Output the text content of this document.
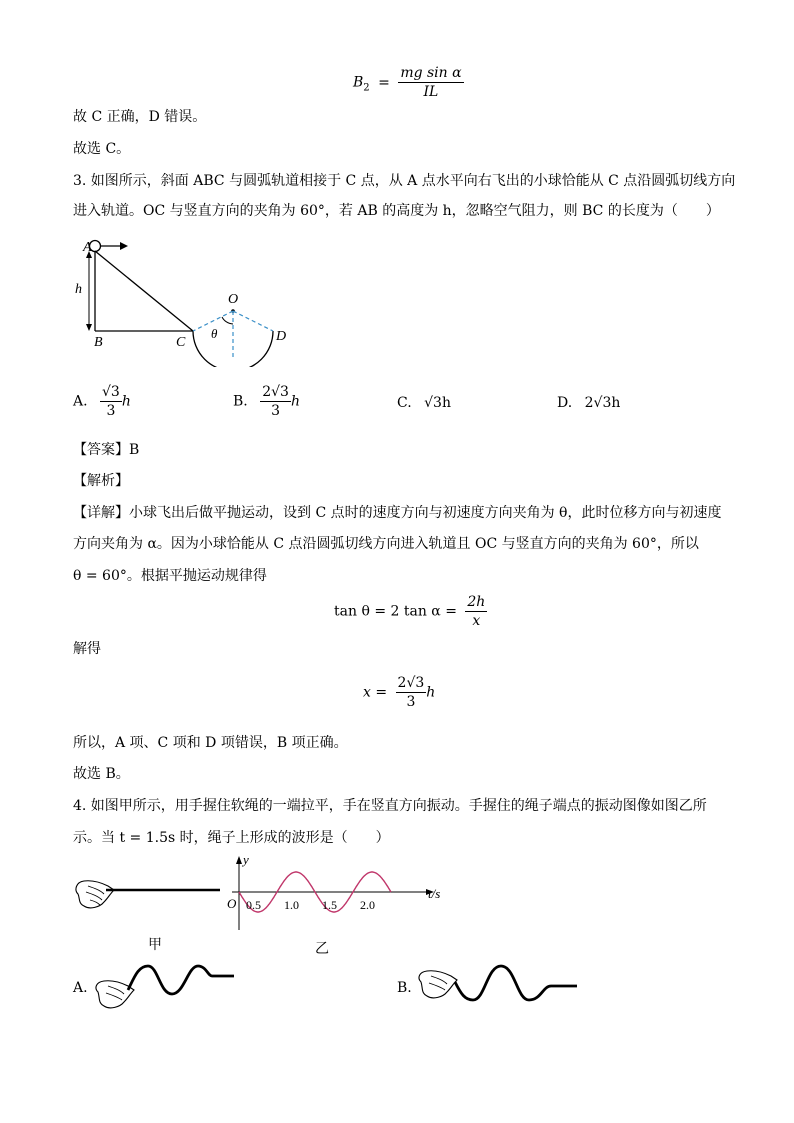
$B_2 = \frac{\text{mg sin α}}{IL}$
故 C 正确，D 错误。
故选 C。
3. 如图所示，斜面 ABC 与圆弧轨道相接于 C 点，从 A 点水平向右飞出的小球恰能从 C 点沿圆弧切线方向
进入轨道。OC 与竖直方向的夹角为 60°，若 AB 的高度为 h，忽略空气阻力，则 BC 的长度为（　　）
A
h
B	C
O
θ	D
A. $\frac{√3}{3}$ h	B. $\frac{2√3}{3}$ h	C. √3h	D. 2√3h
【答案】B
【解析】
【详解】小球飞出后做平抛运动，设到 C 点时的速度方向与初速度方向夹角为 θ，此时位移方向与初速度
方向夹角为 α。因为小球恰能从 C 点沿圆弧切线方向进入轨道且 OC 与竖直方向的夹角为 60°，所以
θ = 60°。根据平抛运动规律得
tan θ = 2 $\tan \alpha = \frac{2h}{x}$
解得
$x = \frac{2√3}{3}$ h
所以，A 项、C 项和 D 项错误，B 项正确。
故选 B。
4. 如图甲所示，用手握住软绳的一端拉平，手在竖直方向振动。手握住的绳子端点的振动图像如图乙所
示。当 t = 1.5s 时，绳子上形成的波形是（　　）
y
t/s
O 0.5 1.0 1.5 2.0
甲	乙
A.	B.
